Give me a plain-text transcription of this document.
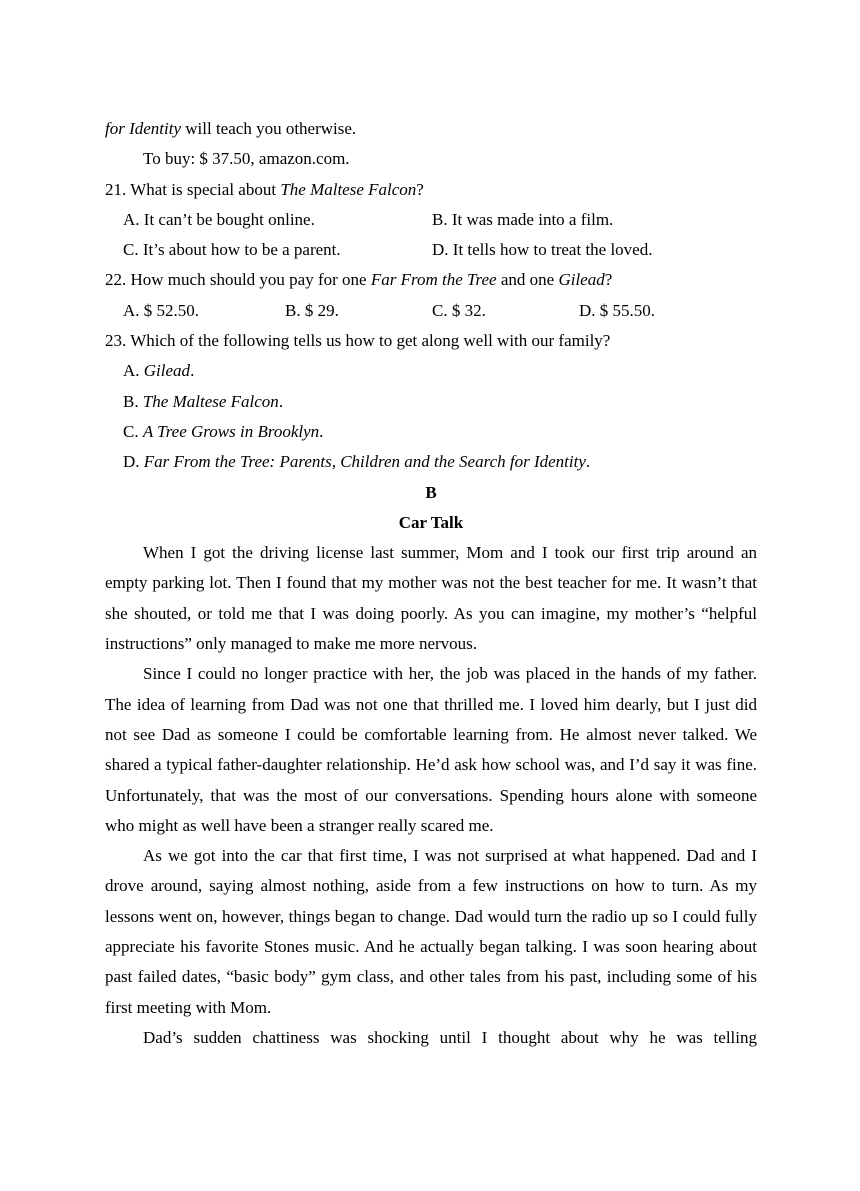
for Identity will teach you otherwise.
To buy: $ 37.50, amazon.com.
21. What is special about The Maltese Falcon?
A. It can’t be bought online.	B. It was made into a film.
C. It’s about how to be a parent.	D. It tells how to treat the loved.
22. How much should you pay for one Far From the Tree and one Gilead?
A. $ 52.50.	B. $ 29.	C. $ 32.	D. $ 55.50.
23. Which of the following tells us how to get along well with our family?
A. Gilead.
B. The Maltese Falcon.
C. A Tree Grows in Brooklyn.
D. Far From the Tree: Parents, Children and the Search for Identity.
B
Car Talk

When I got the driving license last summer, Mom and I took our first trip around an empty parking lot. Then I found that my mother was not the best teacher for me. It wasn’t that she shouted, or told me that I was doing poorly. As you can imagine, my mother’s “helpful instructions” only managed to make me more nervous.

Since I could no longer practice with her, the job was placed in the hands of my father. The idea of learning from Dad was not one that thrilled me. I loved him dearly, but I just did not see Dad as someone I could be comfortable learning from. He almost never talked. We shared a typical father-daughter relationship. He’d ask how school was, and I’d say it was fine. Unfortunately, that was the most of our conversations. Spending hours alone with someone who might as well have been a stranger really scared me.

As we got into the car that first time, I was not surprised at what happened. Dad and I drove around, saying almost nothing, aside from a few instructions on how to turn. As my lessons went on, however, things began to change. Dad would turn the radio up so I could fully appreciate his favorite Stones music. And he actually began talking. I was soon hearing about past failed dates, “basic body” gym class, and other tales from his past, including some of his first meeting with Mom.

Dad’s sudden chattiness was shocking until I thought about why he was telling
